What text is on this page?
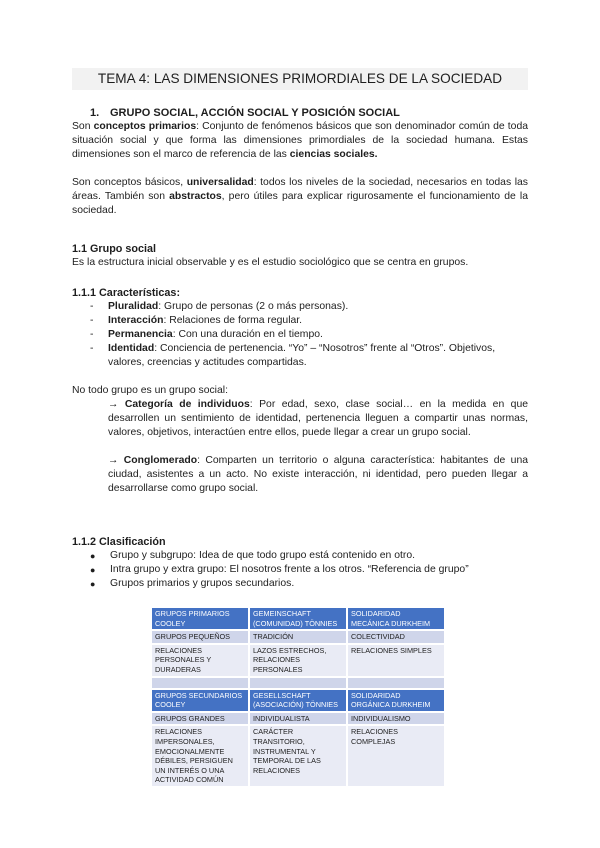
TEMA 4: LAS DIMENSIONES PRIMORDIALES DE LA SOCIEDAD
1. GRUPO SOCIAL, ACCIÓN SOCIAL Y POSICIÓN SOCIAL

Son conceptos primarios: Conjunto de fenómenos básicos que son denominador común de toda situación social y que forma las dimensiones primordiales de la sociedad humana. Estas dimensiones son el marco de referencia de las ciencias sociales.

Son conceptos básicos, universalidad: todos los niveles de la sociedad, necesarios en todas las áreas. También son abstractos, pero útiles para explicar rigurosamente el funcionamiento de la sociedad.

1.1 Grupo social

Es la estructura inicial observable y es el estudio sociológico que se centra en grupos.

1.1.1 Características:
- Pluralidad: Grupo de personas (2 o más personas).
- Interacción: Relaciones de forma regular.
- Permanencia: Con una duración en el tiempo.
- Identidad: Conciencia de pertenencia. “Yo” – “Nosotros” frente al “Otros”. Objetivos, valores, creencias y actitudes compartidas.

No todo grupo es un grupo social:

→ Categoría de individuos: Por edad, sexo, clase social… en la medida en que desarrollen un sentimiento de identidad, pertenencia lleguen a compartir unas normas, valores, objetivos, interactúen entre ellos, puede llegar a crear un grupo social.

→ Conglomerado: Comparten un territorio o alguna característica: habitantes de una ciudad, asistentes a un acto. No existe interacción, ni identidad, pero pueden llegar a desarrollarse como grupo social.

1.1.2 Clasificación
● Grupo y subgrupo: Idea de que todo grupo está contenido en otro.
● Intra grupo y extra grupo: El nosotros frente a los otros. “Referencia de grupo”
● Grupos primarios y grupos secundarios.
GRUPOS PRIMARIOS COOLEY	GEMEINSCHAFT (COMUNIDAD) TÖNNIES	SOLIDARIDAD MECÁNICA DURKHEIM
GRUPOS PEQUEÑOS	TRADICIÓN	COLECTIVIDAD
RELACIONES PERSONALES Y DURADERAS	LAZOS ESTRECHOS, RELACIONES PERSONALES	RELACIONES SIMPLES

GRUPOS SECUNDARIOS COOLEY	GESELLSCHAFT (ASOCIACIÓN) TÖNNIES	SOLIDARIDAD ORGÁNICA DURKHEIM
GRUPOS GRANDES	INDIVIDUALISTA	INDIVIDUALISMO
RELACIONES IMPERSONALES, EMOCIONALMENTE DÉBILES, PERSIGUEN UN INTERÉS O UNA ACTIVIDAD COMÚN	CARÁCTER TRANSITORIO, INSTRUMENTAL Y TEMPORAL DE LAS RELACIONES	RELACIONES COMPLEJAS
